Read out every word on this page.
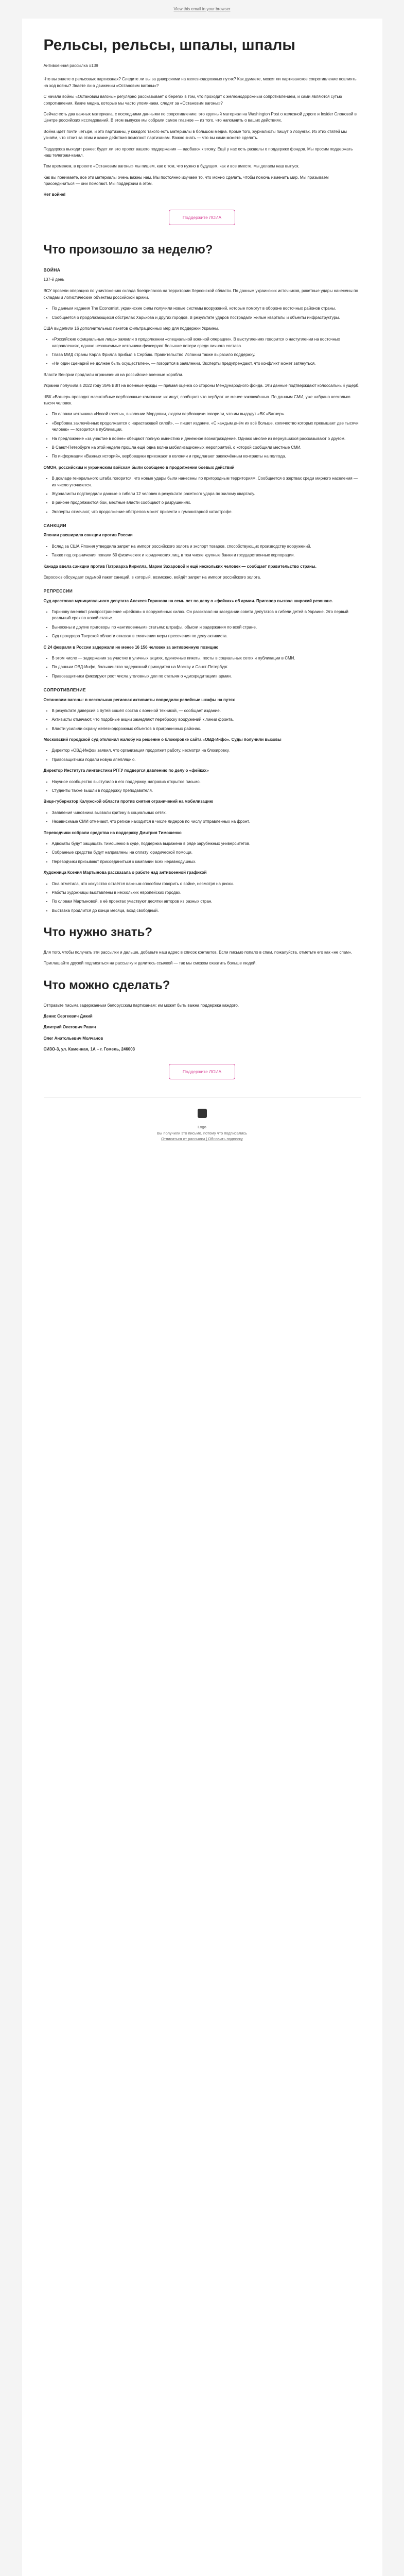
View this email in your browser
Рельсы, рельсы, шпалы, шпалы
Антивоенная рассылка #139

Что вы знаете о рельсовых партизанах? Следите ли вы за диверсиями на железнодорожных путях? Как думаете, может ли партизанское сопротивление повлиять на ход войны? Знаете ли о движении «Остановим вагоны»?

С начала войны «Остановим вагоны» регулярно рассказывает о берегах в том, что проходит с железнодорожным сопротивлением, и сами являются сутью сопротивления. Какие медиа, которые мы часто упоминаем, следят за «Остановим вагоны»?

Сейчас есть два важных материала, с последними данными по сопротивлению: это крупный материал на Washington Post о железной дороге и Insider Слоновой в Центре российских исследований. В этом выпуске мы собрали самое главное — из того, что напомнить о ваших действиях.

Война идёт почти четыре, и это партизаны, у каждого такого есть материалы в большом медиа. Кроме того, журналисты пишут о лозунгах. Из этих статей мы узнаём, что стоит за этим и какие действия помогают партизанам. Важно знать — что вы сами можете сделать.

Поддержка выходит ранее: будет ли это проект вашего поддержания — вдобавок к этому. Ещё у нас есть разделы о поддержке фондов. Мы просим поддержать наш телеграм-канал.

Тем временем, в проекте «Остановим вагоны» мы пишем, как о том, что нужно в будущем, как и все вместе, мы делаем наш выпуск.

Как вы понимаете, все эти материалы очень важны нам. Мы постоянно изучаем то, что можно сделать, чтобы помочь изменить мир. Мы призываем присоединиться — они помогают. Мы поддержим в этом.

Нет войне!

Поддержите ЛОИА
Что произошло за неделю?
ВОЙНА
137-й день

ВСУ провели операцию по уничтожению склада боеприпасов на территории Херсонской области. По данным украинских источников, ракетные удары нанесены по складам и логистическим объектам российской армии.

• По данным издания The Economist, украинские силы получили новые системы вооружений, которые помогут в обороне восточных районов страны.
• Сообщается о продолжающихся обстрелах Харькова и других городов. В результате ударов пострадали жилые кварталы и объекты инфраструктуры.

США выделили 16 дополнительных пакетов фильтрационных мер для поддержки Украины.

• «Российские официальные лица» заявили о продолжении «специальной военной операции». В выступлениях говорится о наступлении на восточных направлениях, однако независимые источники фиксируют большие потери среди личного состава.
• Глава МИД страны Карла Фрилла прибыл в Сербию. Правительство Испании также выразило поддержку.
• «Ни один сценарий не должен быть осуществлен», — говорится в заявлении. Эксперты предупреждают, что конфликт может затянуться.

Власти Венгрии продлили ограничения на российские военные корабли.

Украина получила в 2022 году 35% ВВП на военные нужды — прямая оценка со стороны Международного фонда. Эти данные подтверждают колоссальный ущерб.

ЧВК «Вагнер» проводит масштабные вербовочные кампании: их ищут, сообщает что вербуют не менее заключённых. По данным СМИ, уже набрано несколько тысяч человек.

• По словам источника «Новой газеты», в колонии Мордовии, людям вербовщики говорили, что им выдадут «ВК «Вагнер».
• «Вербовка заключённых продолжается с нарастающей силой», — пишет издание. «С каждым днём их всё больше, количество которых превышает две тысячи человек» — говорится в публикации.
• На предложение «за участие в войне» обещают полную амнистию и денежное вознаграждение. Однако многие из вернувшихся рассказывают о другом.
• В Санкт-Петербурге на этой неделе прошла ещё одна волна мобилизационных мероприятий, о которой сообщили местные СМИ.
• По информации «Важных историй», вербовщики приезжают в колонии и предлагают заключённым контракты на полгода.

ОМОН, российским и украинским войскам были сообщено в продолжении боевых действий

• В докладе генерального штаба говорится, что новые удары были нанесены по пригородным территориям. Сообщается о жертвах среди мирного населения — их число уточняется.
• Журналисты подтвердили данные о гибели 12 человек в результате ракетного удара по жилому кварталу.
• В районе продолжаются бои, местные власти сообщают о разрушениях.
• Эксперты отмечают, что продолжение обстрелов может привести к гуманитарной катастрофе.
САНКЦИИ

Японии расширила санкции против России

• Вслед за США Япония утвердила запрет на импорт российского золота и экспорт товаров, способствующих производству вооружений.
• Также под ограничения попали 60 физических и юридических лиц, в том числе крупные банки и государственные корпорации.

Канада ввела санкции против Патриарха Кирилла, Марии Захаровой и ещё нескольких человек — сообщает правительство страны.

Евросоюз обсуждает седьмой пакет санкций, в который, возможно, войдёт запрет на импорт российского золота.

РЕПРЕССИИ

Суд арестовал муниципального депутата Алексея Горинова на семь лет по делу о «фейках» об армии. Приговор вызвал широкий резонанс.

• Горинову вменяют распространение «фейков» о вооружённых силах. Он рассказал на заседании совета депутатов о гибели детей в Украине. Это первый реальный срок по новой статье.
• Вынесены и другие приговоры по «антивоенным» статьям: штрафы, обыски и задержания по всей стране.
• Суд прокурора Тверской области отказал в смягчении меры пресечения по делу активиста.

С 24 февраля в России задержали не менее 16 156 человек за антивоенную позицию

• В этом числе — задержания за участие в уличных акциях, одиночные пикеты, посты в социальных сетях и публикации в СМИ.
• По данным ОВД-Инфо, большинство задержаний приходится на Москву и Санкт-Петербург.
• Правозащитники фиксируют рост числа уголовных дел по статьям о «дискредитации» армии.
СОПРОТИВЛЕНИЕ

Остановим вагоны: в нескольких регионах активисты повредили релейные шкафы на путях

• В результате диверсий с путей сошёл состав с военной техникой, — сообщает издание.
• Активисты отмечают, что подобные акции замедляют переброску вооружений к линии фронта.
• Власти усилили охрану железнодорожных объектов в приграничных районах.

Московский городской суд отклонил жалобу на решение о блокировке сайта «ОВД-Инфо». Суды получили вызовы

• Директор «ОВД-Инфо» заявил, что организация продолжит работу, несмотря на блокировку.
• Правозащитники подали новую апелляцию.

Директор Института лингвистики РГГУ подвергся давлению по делу о «фейках»

• Научное сообщество выступило в его поддержку, направив открытое письмо.
• Студенты также вышли в поддержку преподавателя.

Вице-губернатор Калужской области против снятия ограничений на мобилизацию

• Заявления чиновника вызвали критику в социальных сетях.
• Независимые СМИ отмечают, что регион находится в числе лидеров по числу отправленных на фронт.

Переводчики собрали средства на поддержку Дмитрия Тимошенко

• Адвокаты будут защищать Тимошенко в суде, поддержка выражена в ряде зарубежных университетов.
• Собранные средства будут направлены на оплату юридической помощи.
• Переводчики призывают присоединиться к кампании всех неравнодушных.

Художница Ксения Мартынова рассказала о работе над антивоенной графикой

• Она отметила, что искусство остаётся важным способом говорить о войне, несмотря на риски.
• Работы художницы выставлены в нескольких европейских городах.
• По словам Мартыновой, в её проектах участвуют десятки авторов из разных стран.
• Выставка продлится до конца месяца, вход свободный.
Что нужно знать?

Для того, чтобы получать эти рассылки и дальше, добавьте наш адрес в список контактов. Если письмо попало в спам, пожалуйста, отметьте его как «не спам».

Приглашайте друзей подписаться на рассылку и делитесь ссылкой — так мы сможем охватить больше людей.

Что можно сделать?

Отправьте письма задержанным белорусским партизанам: им может быть важна поддержка каждого.

Денис Сергеевич Дикий

Дмитрий Олегович Равич

Олег Анатольевич Молчанов

СИЗО-3, ул. Каменная, 1А – г. Гомель, 246003

Поддержите ЛОИА
Logo
Вы получили это письмо, потому что подписались
Отписаться от рассылки | Обновить подписку
